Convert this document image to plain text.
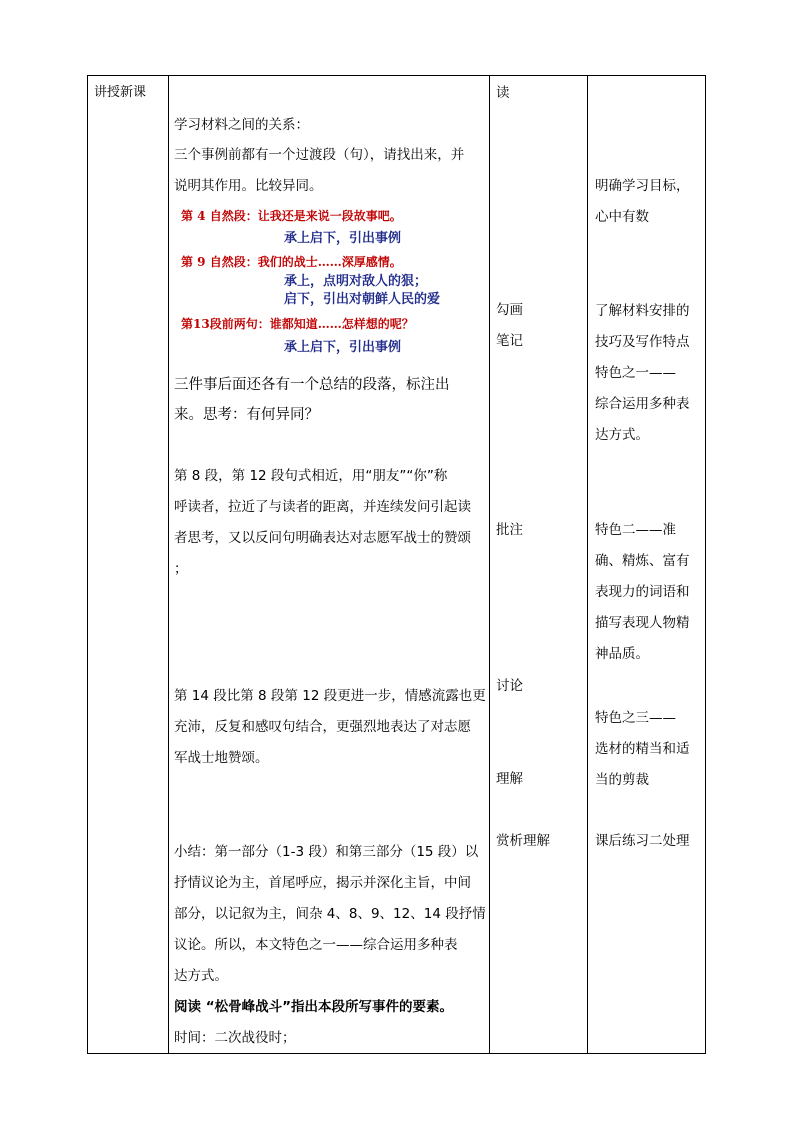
讲授新课
学习材料之间的关系：
三个事例前都有一个过渡段（句），请找出来，并
说明其作用。比较异同。
第 4 自然段：让我还是来说一段故事吧。
承上启下，引出事例
第 9 自然段：我们的战士……深厚感情。
承上，点明对敌人的狠；
启下，引出对朝鲜人民的爱
第13段前两句：谁都知道……怎样想的呢？
承上启下，引出事例
三件事后面还各有一个总结的段落，标注出
来。思考：有何异同？
第 8 段，第 12 段句式相近，用“朋友”“你”称
呼读者，拉近了与读者的距离，并连续发问引起读
者思考，又以反问句明确表达对志愿军战士的赞颂
；
第 14 段比第 8 段第 12 段更进一步，情感流露也更
充沛，反复和感叹句结合，更强烈地表达了对志愿
军战士地赞颂。
小结：第一部分（1-3 段）和第三部分（15 段）以
抒情议论为主，首尾呼应，揭示并深化主旨，中间
部分，以记叙为主，间杂 4、8、9、12、14 段抒情
议论。所以，本文特色之一——综合运用多种表
达方式。
阅读 “松骨峰战斗”指出本段所写事件的要素。
时间：二次战役时；
读
勾画
笔记
批注
讨论
理解
赏析理解
明确学习目标，
心中有数
了解材料安排的
技巧及写作特点
特色之一——
综合运用多种表
达方式。
特色二——准
确、精炼、富有
表现力的词语和
描写表现人物精
神品质。
特色之三——
选材的精当和适
当的剪裁
课后练习二处理
